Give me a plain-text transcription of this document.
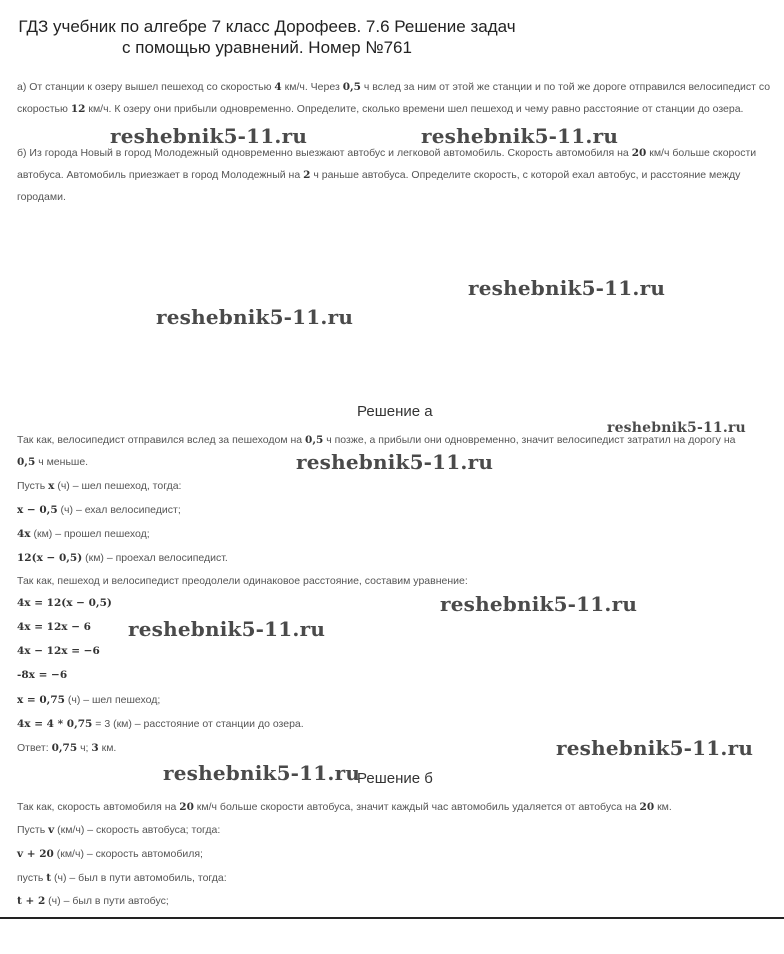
ГДЗ учебник по алгебре 7 класс Дорофеев. 7.6 Решение задач
с помощью уравнений. Номер №761
а) От станции к озеру вышел пешеход со скоростью 4 км/ч. Через 0,5 ч вслед за ним от этой же станции и по той же дороге отправился велосипедист со скоростью 12 км/ч. К озеру они прибыли одновременно. Определите, сколько времени шел пешеход и чему равно расстояние от станции до озера.
б) Из города Новый в город Молодежный одновременно выезжают автобус и легковой автомобиль. Скорость автомобиля на 20 км/ч больше скорости автобуса. Автомобиль приезжает в город Молодежный на 2 ч раньше автобуса. Определите скорость, с которой ехал автобус, и расстояние между городами.
Решение а
Так как, велосипедист отправился вслед за пешеходом на 0,5 ч позже, а прибыли они одновременно, значит велосипедист затратил на дорогу на
0,5 ч меньше.
Пусть x (ч) – шел пешеход, тогда:
x − 0,5 (ч) – ехал велосипедист;
4x (км) – прошел пешеход;
12(x − 0,5) (км) – проехал велосипедист.
Так как, пешеход и велосипедист преодолели одинаковое расстояние, составим уравнение:
4x = 12(x − 0,5)
4x = 12x − 6
4x − 12x = −6
-8x = −6
x = 0,75 (ч) – шел пешеход;
4x = 4 * 0,75 = 3 (км) – расстояние от станции до озера.
Ответ: 0,75 ч; 3 км.
Решение б
Так как, скорость автомобиля на 20 км/ч больше скорости автобуса, значит каждый час автомобиль удаляется от автобуса на 20 км.
Пусть v (км/ч) – скорость автобуса; тогда:
v + 20 (км/ч) – скорость автомобиля;
пусть t (ч) – был в пути автомобиль, тогда:
t + 2 (ч) – был в пути автобус;
reshebnik5-11.ru	reshebnik5-11.ru
reshebnik5-11.ru
reshebnik5-11.ru
reshebnik5-11.ru
reshebnik5-11.ru
reshebnik5-11.ru
reshebnik5-11.ru
reshebnik5-11.ru
reshebnik5-11.ru
